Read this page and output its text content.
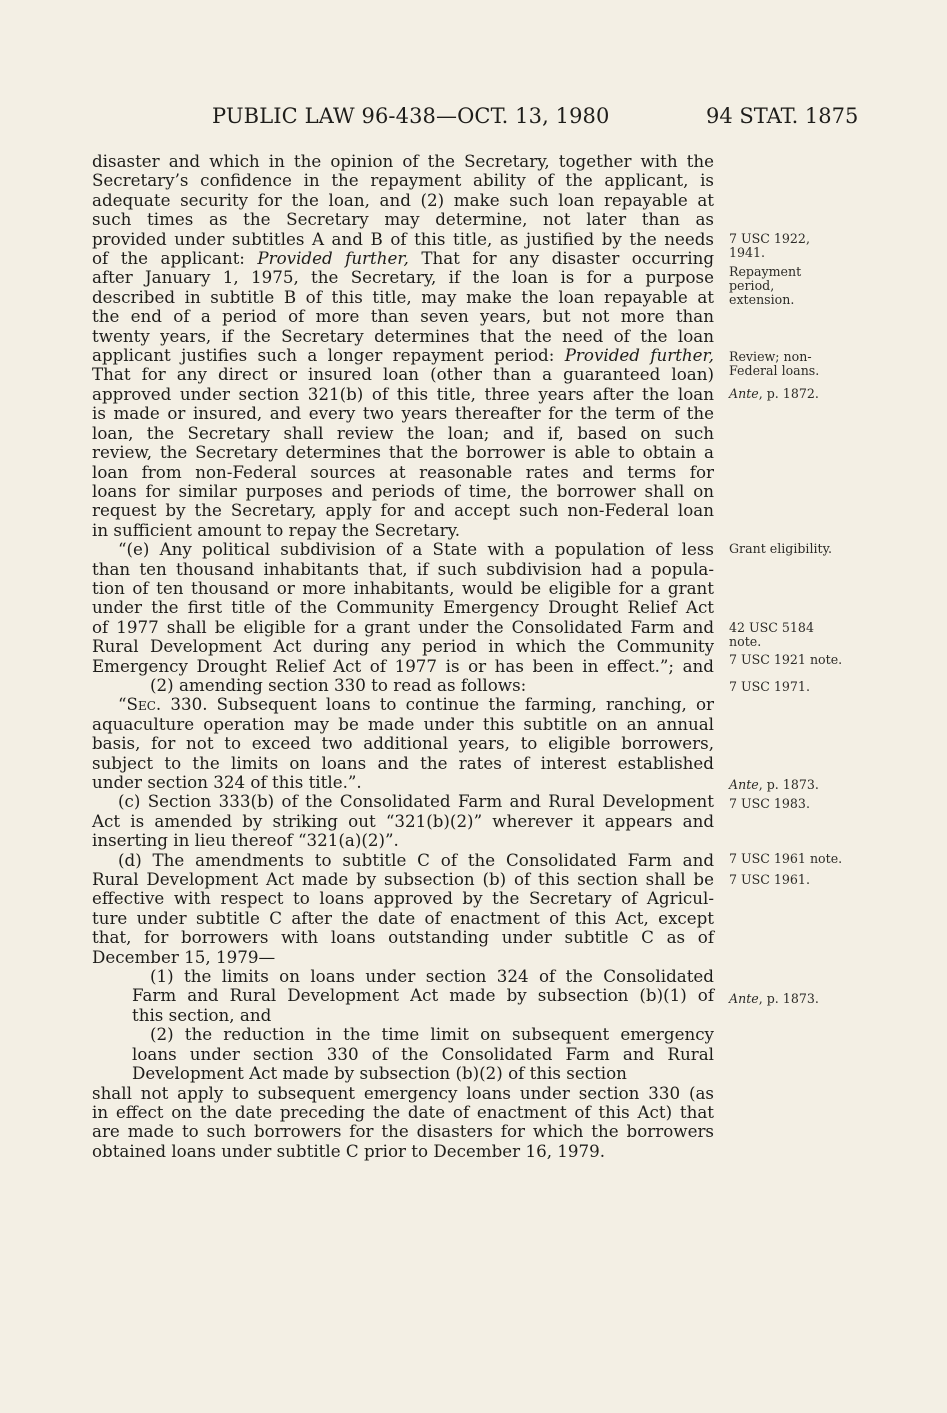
PUBLIC LAW 96-438—OCT. 13, 1980	94 STAT. 1875
disaster and which in the opinion of the Secretary, together with the
Secretary’s confidence in the repayment ability of the applicant, is
adequate security for the loan, and (2) make such loan repayable at
such times as the Secretary may determine, not later than as
provided under subtitles A and B of this title, as justified by the needs
of the applicant: Provided further, That for any disaster occurring
after January 1, 1975, the Secretary, if the loan is for a purpose
described in subtitle B of this title, may make the loan repayable at
the end of a period of more than seven years, but not more than
twenty years, if the Secretary determines that the need of the loan
applicant justifies such a longer repayment period: Provided further,
That for any direct or insured loan (other than a guaranteed loan)
approved under section 321(b) of this title, three years after the loan
is made or insured, and every two years thereafter for the term of the
loan, the Secretary shall review the loan; and if, based on such
review, the Secretary determines that the borrower is able to obtain a
loan from non-Federal sources at reasonable rates and terms for
loans for similar purposes and periods of time, the borrower shall on
request by the Secretary, apply for and accept such non-Federal loan
in sufficient amount to repay the Secretary.
“(e) Any political subdivision of a State with a population of less
than ten thousand inhabitants that, if such subdivision had a popula-
tion of ten thousand or more inhabitants, would be eligible for a grant
under the first title of the Community Emergency Drought Relief Act
of 1977 shall be eligible for a grant under the Consolidated Farm and
Rural Development Act during any period in which the Community
Emergency Drought Relief Act of 1977 is or has been in effect.”; and
(2) amending section 330 to read as follows:
“Sec. 330. Subsequent loans to continue the farming, ranching, or
aquaculture operation may be made under this subtitle on an annual
basis, for not to exceed two additional years, to eligible borrowers,
subject to the limits on loans and the rates of interest established
under section 324 of this title.”.
(c) Section 333(b) of the Consolidated Farm and Rural Development
Act is amended by striking out “321(b)(2)” wherever it appears and
inserting in lieu thereof “321(a)(2)”.
(d) The amendments to subtitle C of the Consolidated Farm and
Rural Development Act made by subsection (b) of this section shall be
effective with respect to loans approved by the Secretary of Agricul-
ture under subtitle C after the date of enactment of this Act, except
that, for borrowers with loans outstanding under subtitle C as of
December 15, 1979—
(1) the limits on loans under section 324 of the Consolidated
Farm and Rural Development Act made by subsection (b)(1) of
this section, and
(2) the reduction in the time limit on subsequent emergency
loans under section 330 of the Consolidated Farm and Rural
Development Act made by subsection (b)(2) of this section
shall not apply to subsequent emergency loans under section 330 (as
in effect on the date preceding the date of enactment of this Act) that
are made to such borrowers for the disasters for which the borrowers
obtained loans under subtitle C prior to December 16, 1979.
7 USC 1922,
1941.
Repayment
period,
extension.
Review; non-
Federal loans.
Ante, p. 1872.
Grant eligibility.
42 USC 5184
note.
7 USC 1921 note.
7 USC 1971.
Ante, p. 1873.
7 USC 1983.
7 USC 1961 note.
7 USC 1961.
Ante, p. 1873.
